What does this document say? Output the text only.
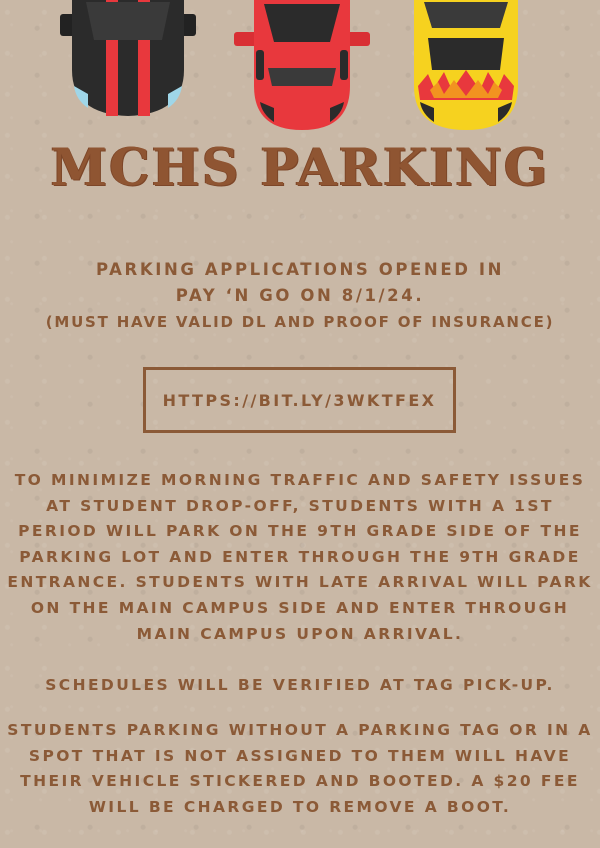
MCHS PARKING
PARKING APPLICATIONS OPENED IN
PAY ‘N GO ON 8/1/24.
(MUST HAVE VALID DL AND PROOF OF INSURANCE)
HTTPS://BIT.LY/3WKTFEX

TO MINIMIZE MORNING TRAFFIC AND SAFETY ISSUES AT STUDENT DROP-OFF, STUDENTS WITH A 1ST PERIOD WILL PARK ON THE 9TH GRADE SIDE OF THE PARKING LOT AND ENTER THROUGH THE 9TH GRADE ENTRANCE. STUDENTS WITH LATE ARRIVAL WILL PARK ON THE MAIN CAMPUS SIDE AND ENTER THROUGH MAIN CAMPUS UPON ARRIVAL.

SCHEDULES WILL BE VERIFIED AT TAG PICK-UP.

STUDENTS PARKING WITHOUT A PARKING TAG OR IN A SPOT THAT IS NOT ASSIGNED TO THEM WILL HAVE THEIR VEHICLE STICKERED AND BOOTED. A $20 FEE WILL BE CHARGED TO REMOVE A BOOT.
